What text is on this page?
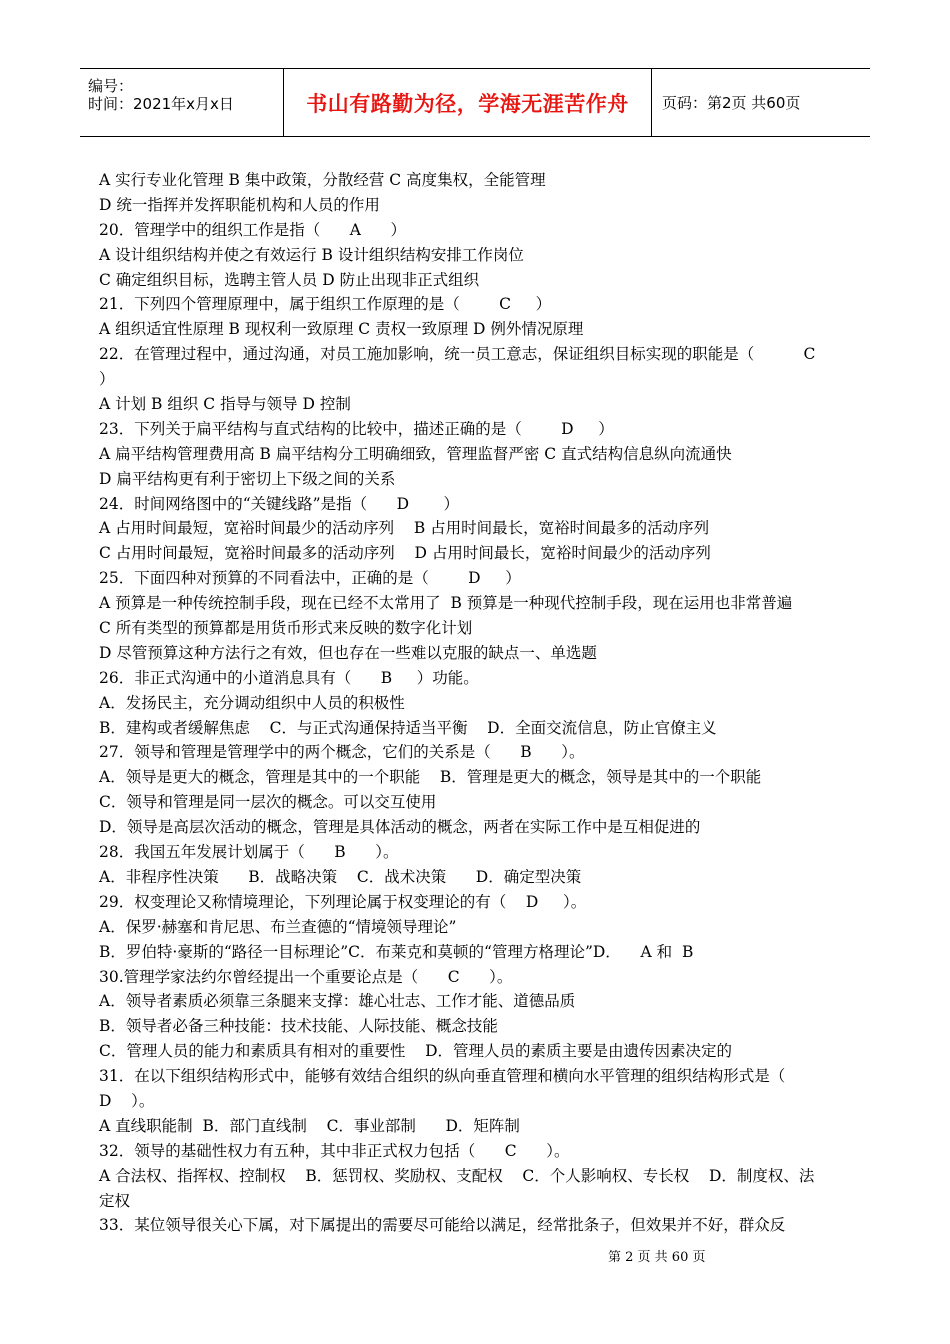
编号：
时间：2021年x月x日	书山有路勤为径，学海无涯苦作舟 页码：第2页 共60页
A 实行专业化管理 B 集中政策，分散经营 C 高度集权，全能管理
D 统一指挥并发挥职能机构和人员的作用
20．管理学中的组织工作是指（      A      ）
A 设计组织结构并使之有效运行 B 设计组织结构安排工作岗位
C 确定组织目标，选聘主管人员 D 防止出现非正式组织
21．下列四个管理原理中，属于组织工作原理的是（        C     ）
A 组织适宜性原理 B 现权利一致原理 C 责权一致原理 D 例外情况原理
22．在管理过程中，通过沟通，对员工施加影响，统一员工意志，保证组织目标实现的职能是（          C
）
A 计划 B 组织 C 指导与领导 D 控制
23．下列关于扁平结构与直式结构的比较中，描述正确的是（        D     ）
A 扁平结构管理费用高 B 扁平结构分工明确细致，管理监督严密 C 直式结构信息纵向流通快
D 扁平结构更有利于密切上下级之间的关系
24．时间网络图中的“关键线路”是指（      D       ）
A 占用时间最短，宽裕时间最少的活动序列    B 占用时间最长，宽裕时间最多的活动序列
C 占用时间最短，宽裕时间最多的活动序列    D 占用时间最长，宽裕时间最少的活动序列
25．下面四种对预算的不同看法中，正确的是（        D     ）
A 预算是一种传统控制手段，现在已经不太常用了  B 预算是一种现代控制手段，现在运用也非常普遍
C 所有类型的预算都是用货币形式来反映的数字化计划
D 尽管预算这种方法行之有效，但也存在一些难以克服的缺点一、单选题
26．非正式沟通中的小道消息具有（      B     ）功能。
A．发扬民主，充分调动组织中人员的积极性
B．建构或者缓解焦虑    C．与正式沟通保持适当平衡    D．全面交流信息，防止官僚主义
27．领导和管理是管理学中的两个概念，它们的关系是（      B      ）。
A．领导是更大的概念，管理是其中的一个职能    B．管理是更大的概念，领导是其中的一个职能
C．领导和管理是同一层次的概念。可以交互使用
D．领导是高层次活动的概念，管理是具体活动的概念，两者在实际工作中是互相促进的
28．我国五年发展计划属于（      B      ）。
A．非程序性决策      B．战略决策    C．战术决策      D．确定型决策
29．权变理论又称情境理论，下列理论属于权变理论的有（    D     ）。
A．保罗·赫塞和肯尼思、布兰查德的“情境领导理论”
B．罗伯特·豪斯的“路径一目标理论”C．布莱克和莫顿的“管理方格理论”D．    A 和  B
30.管理学家法约尔曾经提出一个重要论点是（      C      ）。
A．领导者素质必须靠三条腿来支撑：雄心壮志、工作才能、道德品质
B．领导者必备三种技能：技术技能、人际技能、概念技能
C．管理人员的能力和素质具有相对的重要性    D．管理人员的素质主要是由遗传因素决定的
31．在以下组织结构形式中，能够有效结合组织的纵向垂直管理和横向水平管理的组织结构形式是（
D    ）。
A 直线职能制  B．部门直线制    C．事业部制      D．矩阵制
32．领导的基础性权力有五种，其中非正式权力包括（      C      ）。
A 合法权、指挥权、控制权    B．惩罚权、奖励权、支配权    C．个人影响权、专长权    D．制度权、法
定权
33．某位领导很关心下属，对下属提出的需要尽可能给以满足，经常批条子，但效果并不好，群众反
第 2 页 共 60 页
